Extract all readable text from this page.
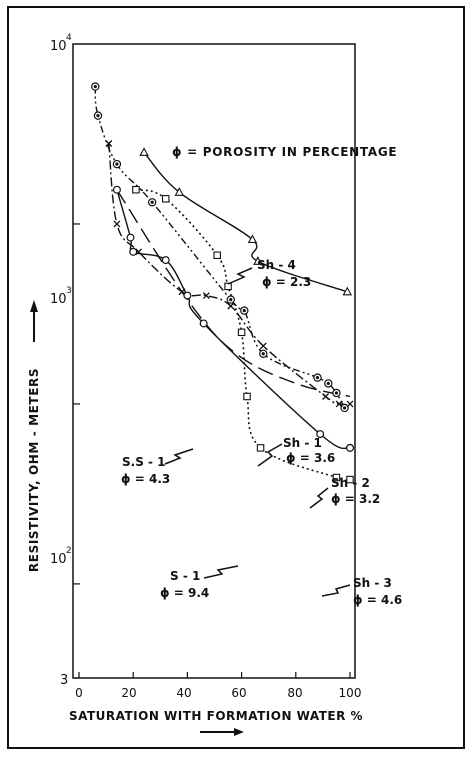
3
10
2
10
3
10
4
0	20	40	60	80	100
SATURATION WITH FORMATION WATER %
RESISTIVITY, OHM - METERS
ϕ = POROSITY IN PERCENTAGE
Sh - 4
ϕ = 2.3
Sh - 1
ϕ = 3.6
Sh - 2
ϕ = 3.2
Sh - 3
ϕ = 4.6
S.S - 1
ϕ = 4.3
S - 1
ϕ = 9.4
